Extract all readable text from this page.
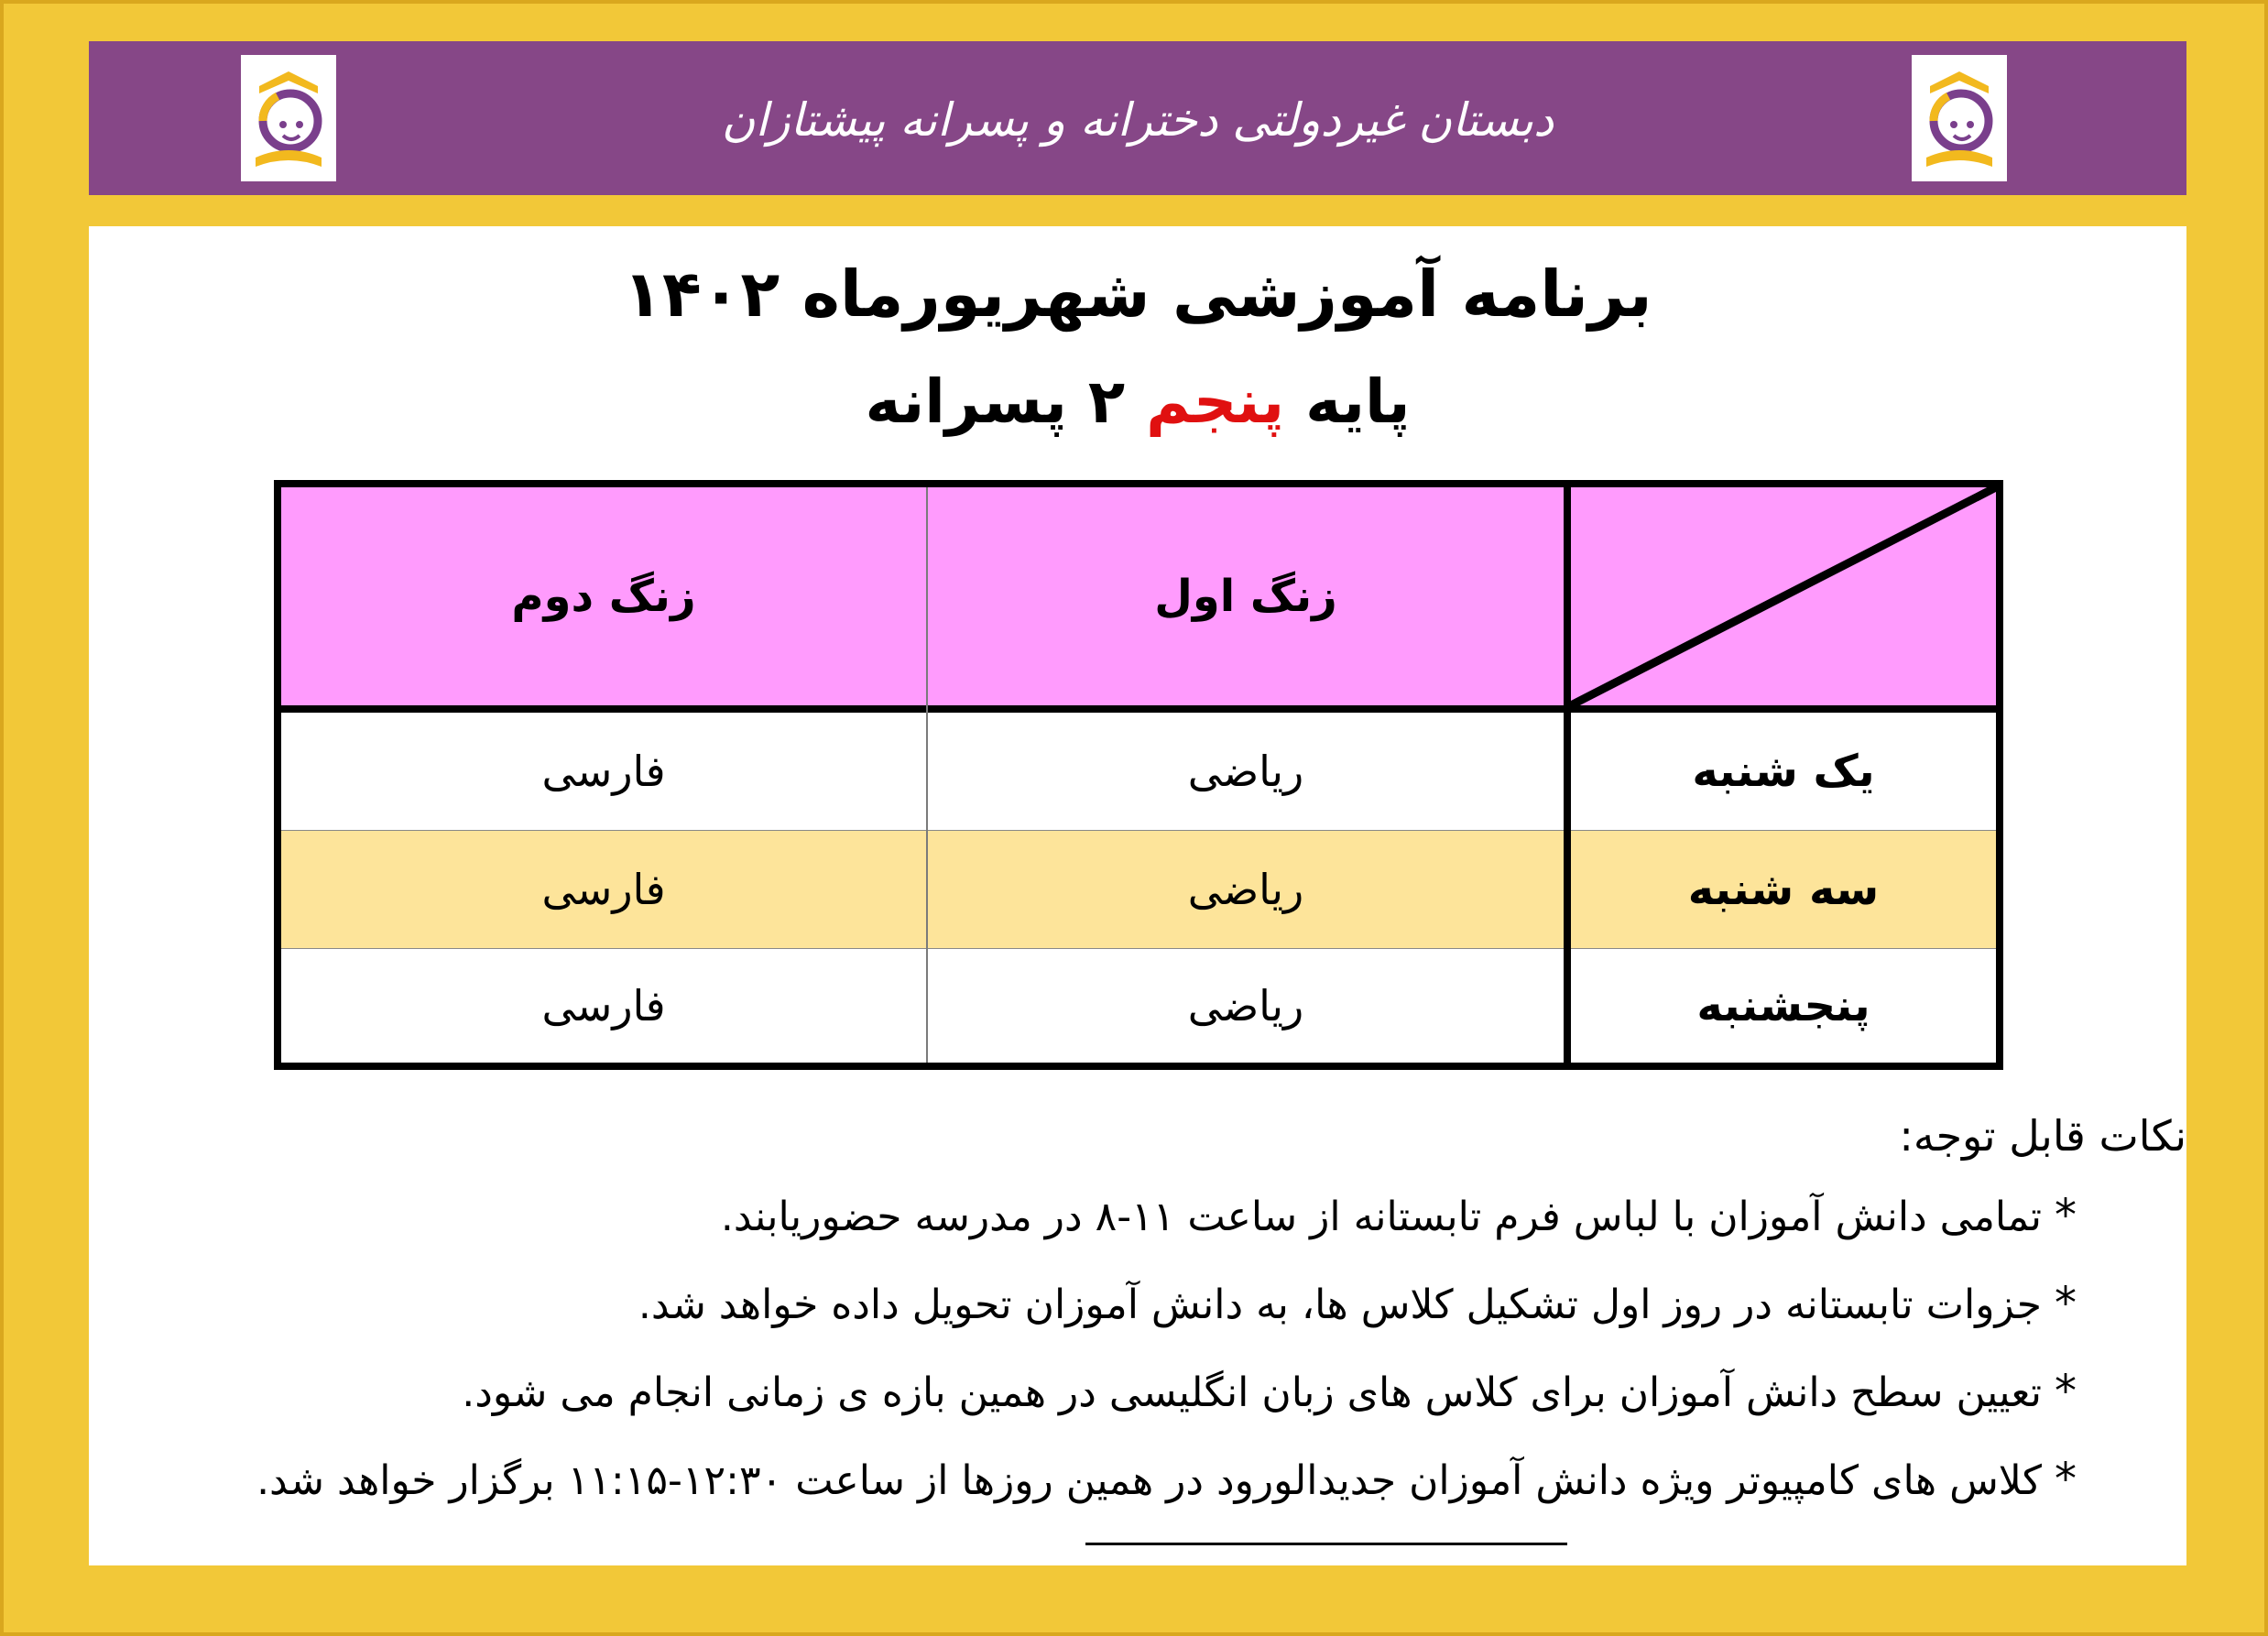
دبستان غیردولتی دخترانه و پسرانه پیشتازان
برنامه آموزشی شهریورماه ۱۴۰۲
پایه پنجم ۲ پسرانه
زنگ دوم	زنگ اول
فارسی	ریاضی	یک شنبه
فارسی	ریاضی	سه شنبه
فارسی	ریاضی	پنجشنبه
نکات قابل توجه:
*تمامی دانش آموزان با لباس فرم تابستانه از ساعت ۱۱-۸ در مدرسه حضوریابند.
*جزوات تابستانه در روز اول تشکیل کلاس ها، به دانش آموزان تحویل داده خواهد شد.
*تعیین سطح دانش آموزان برای کلاس های زبان انگلیسی در همین بازه ی زمانی انجام می شود.
*کلاس های کامپیوتر ویژه دانش آموزان جدیدالورود در همین روزها از ساعت ۱۲:۳۰-۱۱:۱۵ برگزار خواهد شد.
